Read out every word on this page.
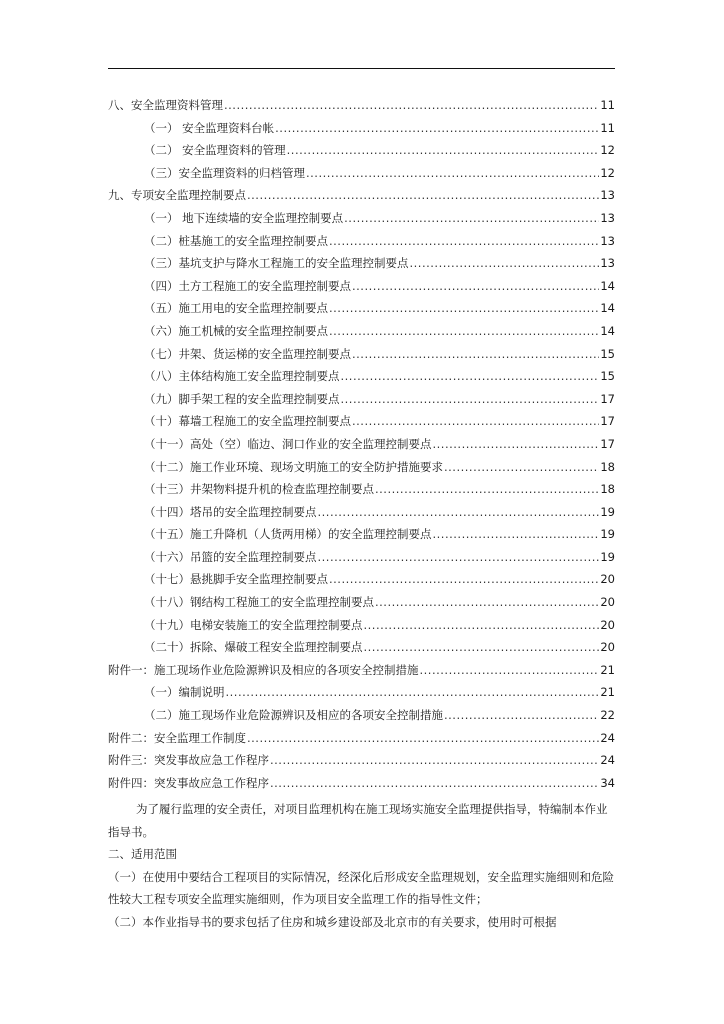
八、安全监理资料管理 .....	11
（一） 安全监理资料台帐 .....	11
（二） 安全监理资料的管理 .....	12
（三）安全监理资料的归档管理 .....	12
九、专项安全监理控制要点 .....	13
（一） 地下连续墙的安全监理控制要点 .....	13
（二）桩基施工的安全监理控制要点 .....	13
（三）基坑支护与降水工程施工的安全监理控制要点 .....	13
（四）土方工程施工的安全监理控制要点 .....	14
（五）施工用电的安全监理控制要点 .....	14
（六）施工机械的安全监理控制要点 .....	14
（七）井架、货运梯的安全监理控制要点 .....	15
（八）主体结构施工安全监理控制要点 .....	15
（九）脚手架工程的安全监理控制要点 .....	17
（十）幕墙工程施工的安全监理控制要点 .....	17
（十一）高处（空）临边、洞口作业的安全监理控制要点 .....	17
（十二）施工作业环境、现场文明施工的安全防护措施要求 .....	18
（十三）井架物料提升机的检查监理控制要点 .....	18
（十四）塔吊的安全监理控制要点 .....	19
（十五）施工升降机（人货两用梯）的安全监理控制要点 .....	19
（十六）吊篮的安全监理控制要点 .....	19
（十七）悬挑脚手安全监理控制要点 .....	20
（十八）钢结构工程施工的安全监理控制要点 .....	20
（十九）电梯安装施工的安全监理控制要点 .....	20
（二十）拆除、爆破工程安全监理控制要点 .....	20
附件一：施工现场作业危险源辨识及相应的各项安全控制措施 .....	21
（一）编制说明 .....	21
（二）施工现场作业危险源辨识及相应的各项安全控制措施 .....	22
附件二：安全监理工作制度 .....	24
附件三：突发事故应急工作程序 .....	24
附件四：突发事故应急工作程序 .....	34

为了履行监理的安全责任，对项目监理机构在施工现场实施安全监理提供指导，特编制本作业指导书。

二、适用范围

（一）在使用中要结合工程项目的实际情况，经深化后形成安全监理规划，安全监理实施细则和危险性较大工程专项安全监理实施细则，作为项目安全监理工作的指导性文件；

（二）本作业指导书的要求包括了住房和城乡建设部及北京市的有关要求，使用时可根据
